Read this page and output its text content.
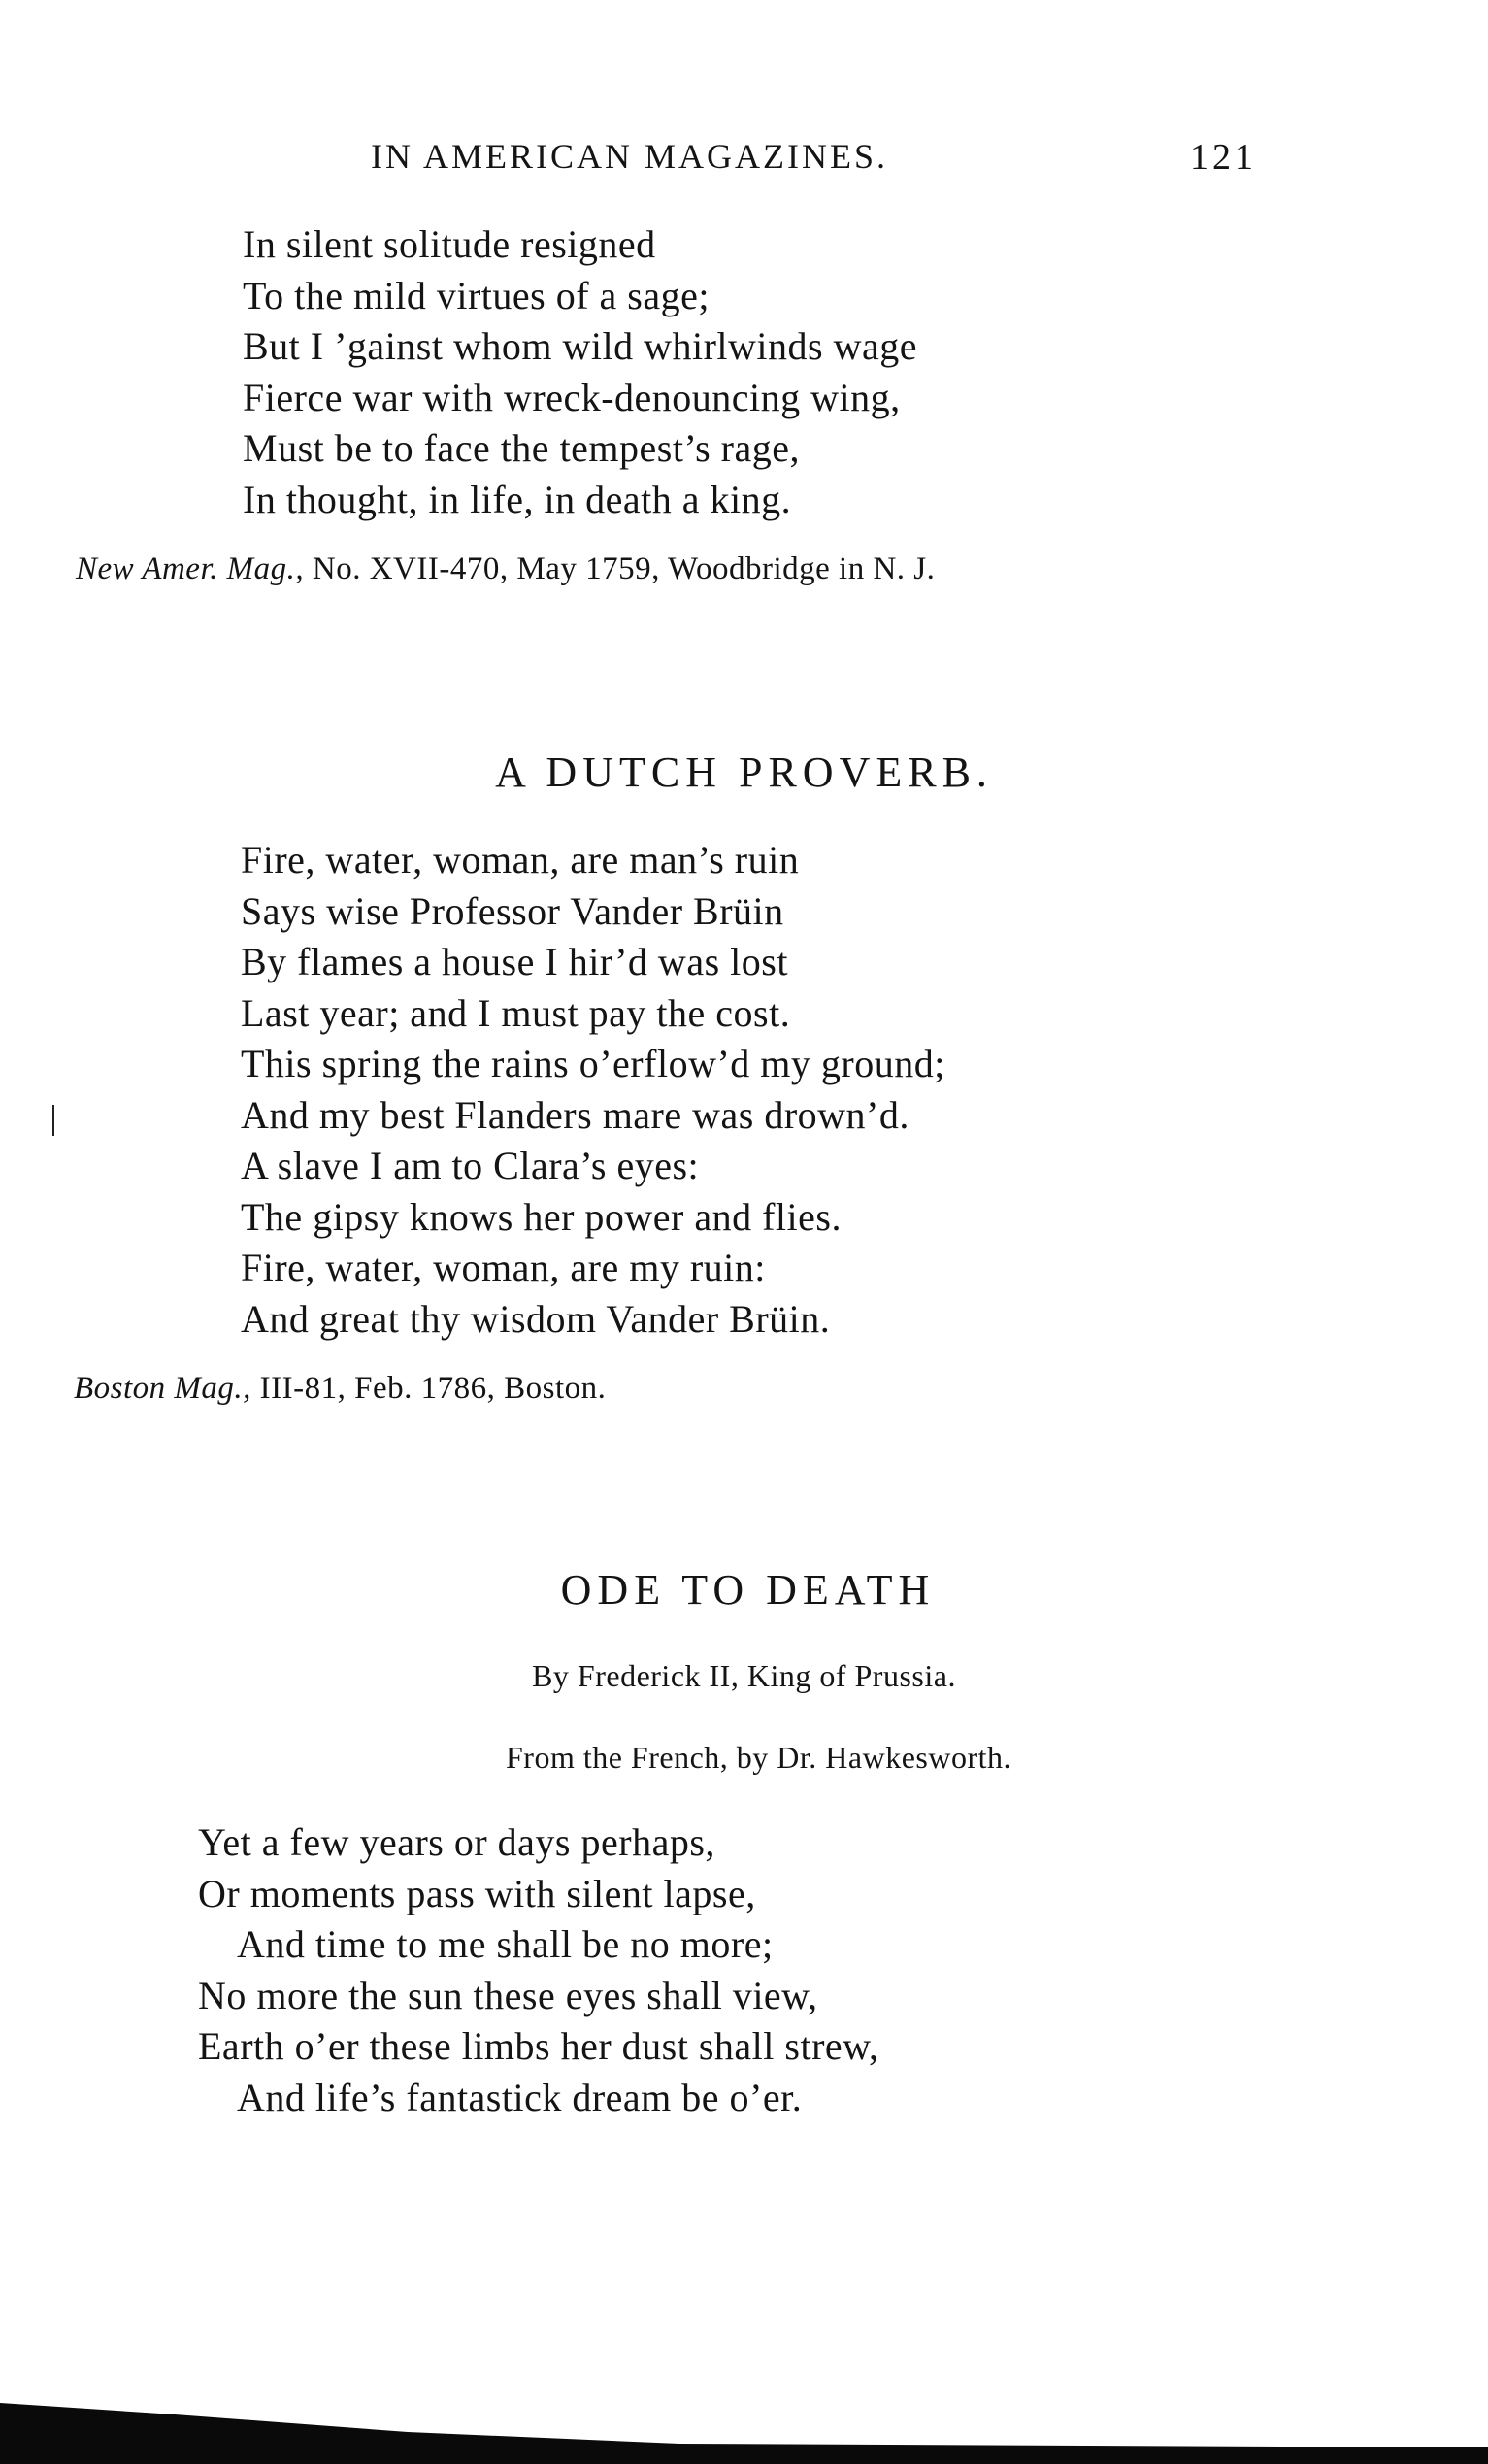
IN AMERICAN MAGAZINES.	121
In silent solitude resigned
To the mild virtues of a sage;
But I ’gainst whom wild whirlwinds wage
Fierce war with wreck-denouncing wing,
Must be to face the tempest’s rage,
In thought, in life, in death a king.
New Amer. Mag., No. XVII-470, May 1759, Woodbridge in N. J.
A DUTCH PROVERB.
Fire, water, woman, are man’s ruin
Says wise Professor Vander Brüin
By flames a house I hir’d was lost
Last year; and I must pay the cost.
This spring the rains o’erflow’d my ground;
And my best Flanders mare was drown’d.
A slave I am to Clara’s eyes:
The gipsy knows her power and flies.
Fire, water, woman, are my ruin:
And great thy wisdom Vander Brüin.
Boston Mag., III-81, Feb. 1786, Boston.
ODE TO DEATH
By Frederick II, King of Prussia.
From the French, by Dr. Hawkesworth.
Yet a few years or days perhaps,
Or moments pass with silent lapse,
And time to me shall be no more;
No more the sun these eyes shall view,
Earth o’er these limbs her dust shall strew,
And life’s fantastick dream be o’er.
